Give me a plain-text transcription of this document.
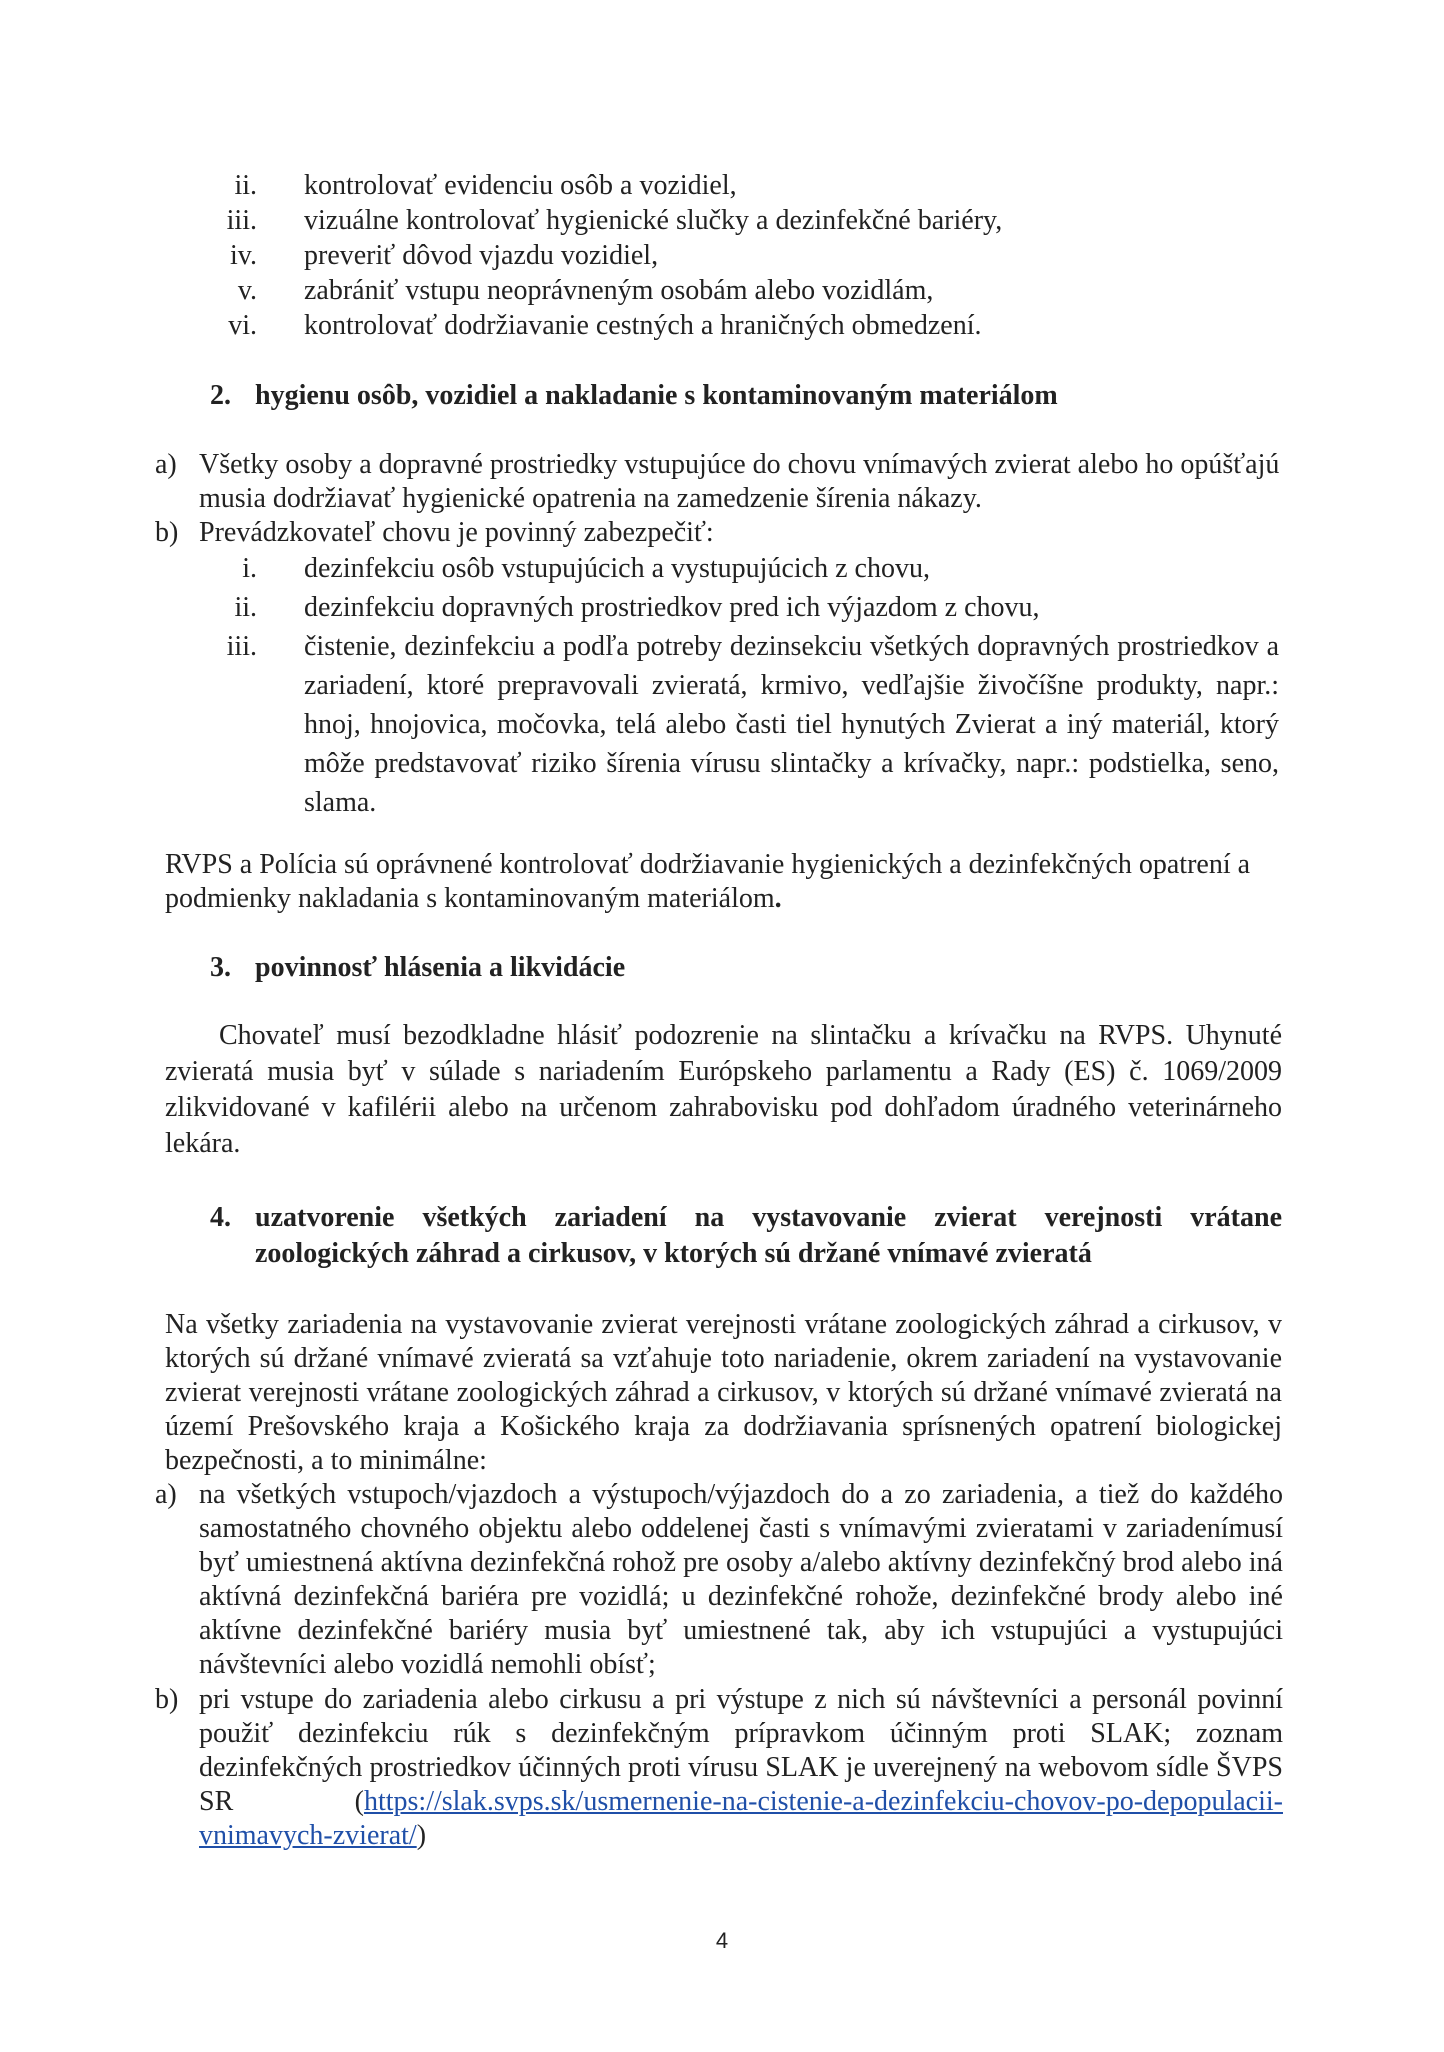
ii. kontrolovať evidenciu osôb a vozidiel,
iii. vizuálne kontrolovať hygienické slučky a dezinfekčné bariéry,
iv. preveriť dôvod vjazdu vozidiel,
v. zabrániť vstupu neoprávneným osobám alebo vozidlám,
vi. kontrolovať dodržiavanie cestných a hraničných obmedzení.
2. hygienu osôb, vozidiel a nakladanie s kontaminovaným materiálom
a) Všetky osoby a dopravné prostriedky vstupujúce do chovu vnímavých zvierat alebo ho opúšťajú musia dodržiavať hygienické opatrenia na zamedzenie šírenia nákazy.
b) Prevádzkovateľ chovu je povinný zabezpečiť:
i. dezinfekciu osôb vstupujúcich a vystupujúcich z chovu,
ii. dezinfekciu dopravných prostriedkov pred ich výjazdom z chovu,
iii. čistenie, dezinfekciu a podľa potreby dezinsekciu všetkých dopravných prostriedkov a zariadení, ktoré prepravovali zvieratá, krmivo, vedľajšie živočíšne produkty, napr.: hnoj, hnojovica, močovka, telá alebo časti tiel hynutých Zvierat a iný materiál, ktorý môže predstavovať riziko šírenia vírusu slintačky a krívačky, napr.: podstielka, seno, slama.
RVPS a Polícia sú oprávnené kontrolovať dodržiavanie hygienických a dezinfekčných opatrení a podmienky nakladania s kontaminovaným materiálom.
3. povinnosť hlásenia a likvidácie
Chovateľ musí bezodkladne hlásiť podozrenie na slintačku a krívačku na RVPS. Uhynuté zvieratá musia byť v súlade s nariadením Európskeho parlamentu a Rady (ES) č. 1069/2009 zlikvidované v kafilérii alebo na určenom zahrabovisku pod dohľadom úradného veterinárneho lekára.
4. uzatvorenie všetkých zariadení na vystavovanie zvierat verejnosti vrátane
zoologických záhrad a cirkusov, v ktorých sú držané vnímavé zvieratá
Na všetky zariadenia na vystavovanie zvierat verejnosti vrátane zoologických záhrad a cirkusov, v ktorých sú držané vnímavé zvieratá sa vzťahuje toto nariadenie, okrem zariadení na vystavovanie zvierat verejnosti vrátane zoologických záhrad a cirkusov, v ktorých sú držané vnímavé zvieratá na území Prešovského kraja a Košického kraja za dodržiavania sprísnených opatrení biologickej bezpečnosti, a to minimálne:
a) na všetkých vstupoch/vjazdoch a výstupoch/výjazdoch do a zo zariadenia, a tiež do každého samostatného chovného objektu alebo oddelenej časti s vnímavými zvieratami v zariadenímusí byť umiestnená aktívna dezinfekčná rohož pre osoby a/alebo aktívny dezinfekčný brod alebo iná aktívná dezinfekčná bariéra pre vozidlá; u dezinfekčné rohože, dezinfekčné brody alebo iné aktívne dezinfekčné bariéry musia byť umiestnené tak, aby ich vstupujúci a vystupujúci návštevníci alebo vozidlá nemohli obísť;
b) pri vstupe do zariadenia alebo cirkusu a pri výstupe z nich sú návštevníci a personál povinní použiť dezinfekciu rúk s dezinfekčným prípravkom účinným proti SLAK; zoznam dezinfekčných prostriedkov účinných proti vírusu SLAK je uverejnený na webovom sídle ŠVPS SR (https://slak.svps.sk/usmernenie-na-cistenie-a-dezinfekciu-chovov-po-depopulacii-vnimavych-zvierat/)
4
